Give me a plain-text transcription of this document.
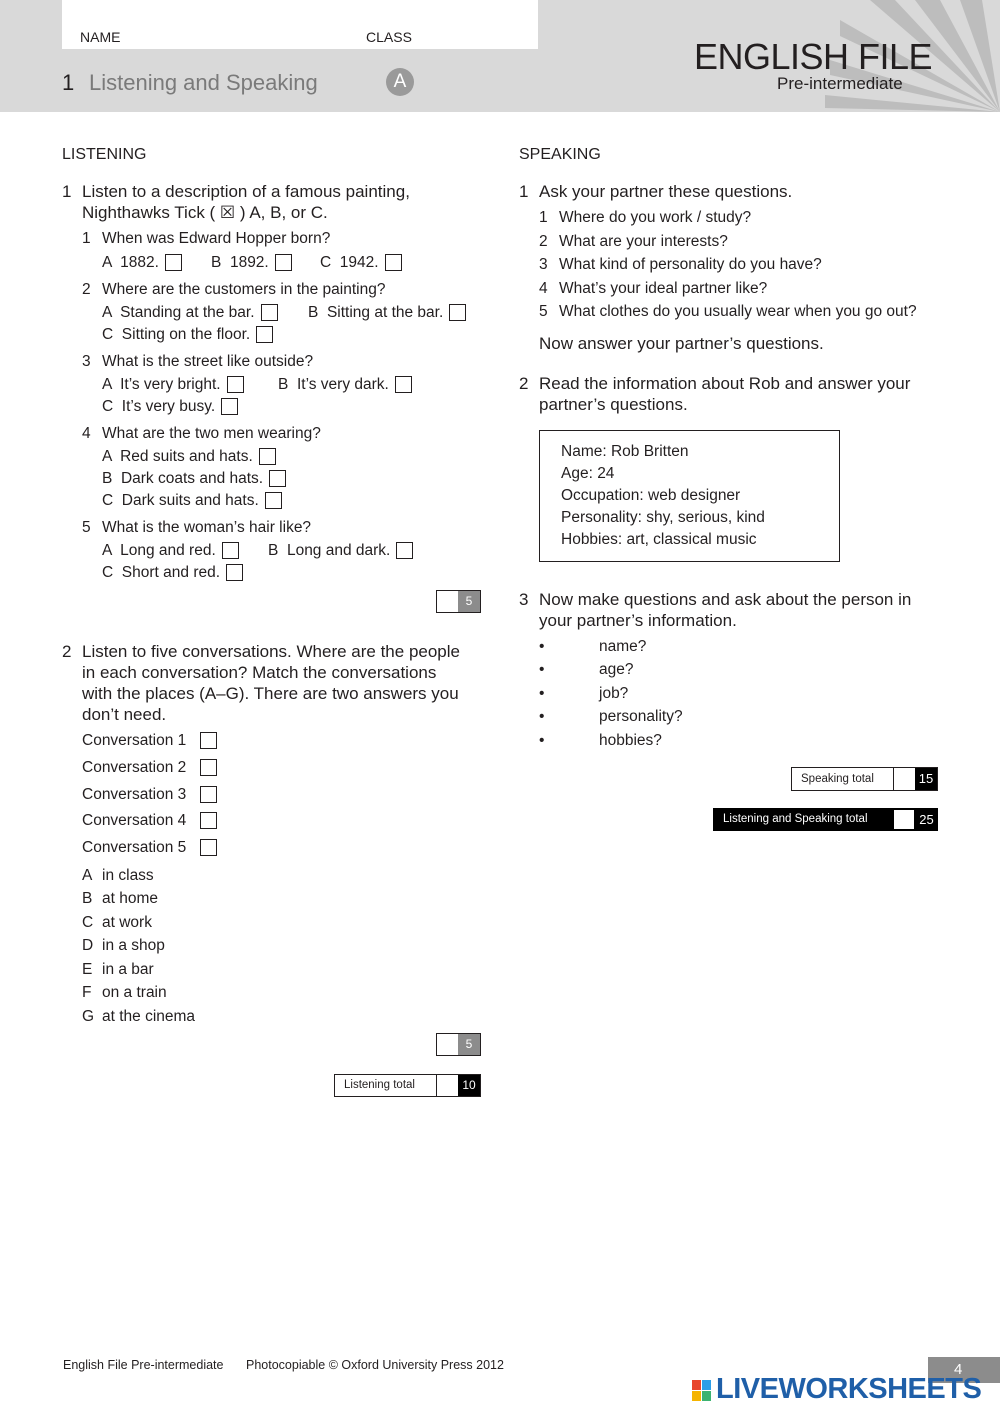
NAME	CLASS
1 Listening and Speaking	A
ENGLISH FILE
Pre-intermediate
LISTENING
1 Listen to a description of a famous painting,
Nighthawks Tick ( ☒ ) A, B, or C.
1 When was Edward Hopper born?
A  1882.	B  1892.	C  1942.
2 Where are the customers in the painting?
A  Standing at the bar.	B  Sitting at the bar.
C  Sitting on the floor.
3 What is the street like outside?
A  It’s very bright.	B  It’s very dark.
C  It’s very busy.
4 What are the two men wearing?
A  Red suits and hats.
B  Dark coats and hats.
C  Dark suits and hats.
5 What is the woman’s hair like?
A  Long and red.	B  Long and dark.
C  Short and red.
5
2 Listen to five conversations. Where are the people
in each conversation? Match the conversations
with the places (A–G). There are two answers you
don’t need.
Conversation 1
Conversation 2
Conversation 3
Conversation 4
Conversation 5
A in class
B at home
C at work
D in a shop
E in a bar
F on a train
G at the cinema
5
Listening total	10
SPEAKING
1 Ask your partner these questions.
1 Where do you work / study?
2 What are your interests?
3 What kind of personality do you have?
4 What’s your ideal partner like?
5 What clothes do you usually wear when you go out?
Now answer your partner’s questions.
2 Read the information about Rob and answer your
partner’s questions.
Name: Rob Britten
Age: 24
Occupation: web designer
Personality: shy, serious, kind
Hobbies: art, classical music
3 Now make questions and ask about the person in
your partner’s information.
•	name?
•	age?
•	job?
•	personality?
•	hobbies?
Speaking total	15
Listening and Speaking total	25
English File Pre-intermediate Photocopiable © Oxford University Press 2012	4
LIVEWORKSHEETS
